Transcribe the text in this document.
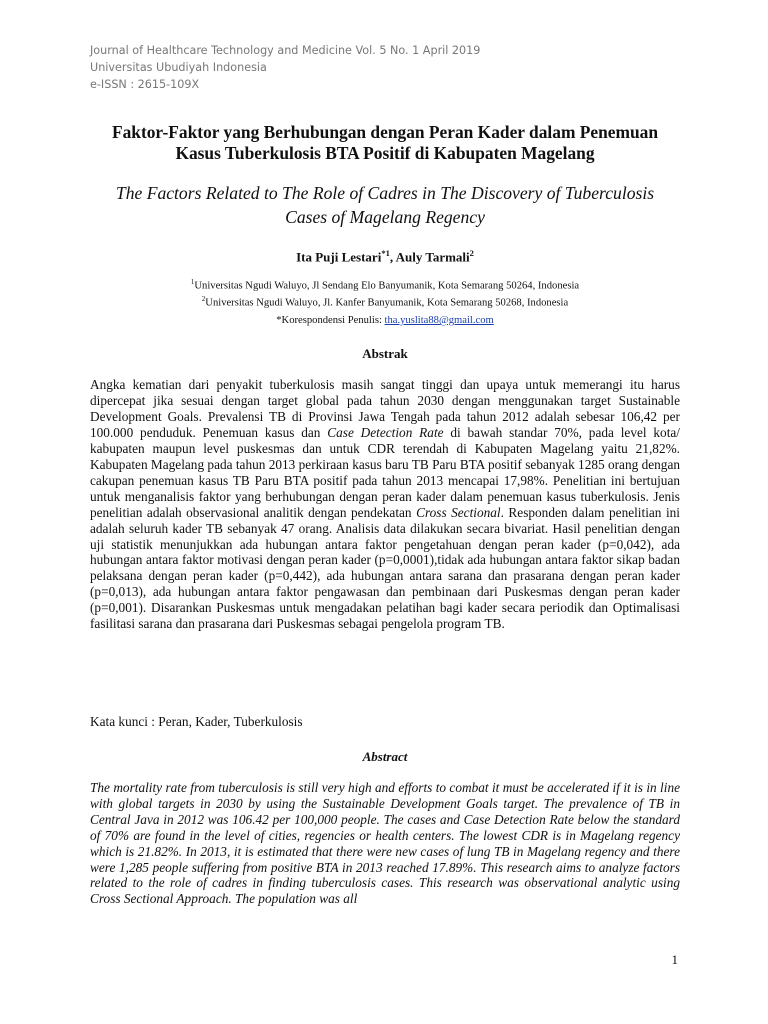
Journal of Healthcare Technology and Medicine Vol. 5 No. 1 April 2019
Universitas Ubudiyah Indonesia
e-ISSN : 2615-109X
Faktor-Faktor yang Berhubungan dengan Peran Kader dalam Penemuan
Kasus Tuberkulosis BTA Positif di Kabupaten Magelang
The Factors Related to The Role of Cadres in The Discovery of Tuberculosis
Cases of Magelang Regency
Ita Puji Lestari$^{*1}$, Auly Tarmali$^2$
$^1$Universitas Ngudi Waluyo, Jl Sendang Elo Banyumanik, Kota Semarang 50264, Indonesia
$^2$Universitas Ngudi Waluyo, Jl. Kanfer Banyumanik, Kota Semarang 50268, Indonesia
*Korespondensi Penulis: tha.yuslita88@gmail.com
Abstrak

Angka kematian dari penyakit tuberkulosis masih sangat tinggi dan upaya untuk memerangi itu harus dipercepat jika sesuai dengan target global pada tahun 2030 dengan menggunakan target Sustainable Development Goals. Prevalensi TB di Provinsi Jawa Tengah pada tahun 2012 adalah sebesar 106,42 per 100.000 penduduk. Penemuan kasus dan Case Detection Rate di bawah standar 70%, pada level kota/ kabupaten maupun level puskesmas dan untuk CDR terendah di Kabupaten Magelang yaitu 21,82%. Kabupaten Magelang pada tahun 2013 perkiraan kasus baru TB Paru BTA positif sebanyak 1285 orang dengan cakupan penemuan kasus TB Paru BTA positif pada tahun 2013 mencapai 17,98%. Penelitian ini bertujuan untuk menganalisis faktor yang berhubungan dengan peran kader dalam penemuan kasus tuberkulosis. Jenis penelitian adalah observasional analitik dengan pendekatan Cross Sectional. Responden dalam penelitian ini adalah seluruh kader TB sebanyak 47 orang. Analisis data dilakukan secara bivariat. Hasil penelitian dengan uji statistik menunjukkan ada hubungan antara faktor pengetahuan dengan peran kader (p=0,042), ada hubungan antara faktor motivasi dengan peran kader (p=0,0001),tidak ada hubungan antara faktor sikap badan pelaksana dengan peran kader (p=0,442), ada hubungan antara sarana dan prasarana dengan peran kader (p=0,013), ada hubungan antara faktor pengawasan dan pembinaan dari Puskesmas dengan peran kader (p=0,001). Disarankan Puskesmas untuk mengadakan pelatihan bagi kader secara periodik dan Optimalisasi fasilitasi sarana dan prasarana dari Puskesmas sebagai pengelola program TB.

Kata kunci : Peran, Kader, Tuberkulosis
Abstract

The mortality rate from tuberculosis is still very high and efforts to combat it must be accelerated if it is in line with global targets in 2030 by using the Sustainable Development Goals target. The prevalence of TB in Central Java in 2012 was 106.42 per 100,000 people. The cases and Case Detection Rate below the standard of 70% are found in the level of cities, regencies or health centers. The lowest CDR is in Magelang regency which is 21.82%. In 2013, it is estimated that there were new cases of lung TB in Magelang regency and there were 1,285 people suffering from positive BTA in 2013 reached 17.89%. This research aims to analyze factors related to the role of cadres in finding tuberculosis cases. This research was observational analytic using Cross Sectional Approach. The population was all

1
